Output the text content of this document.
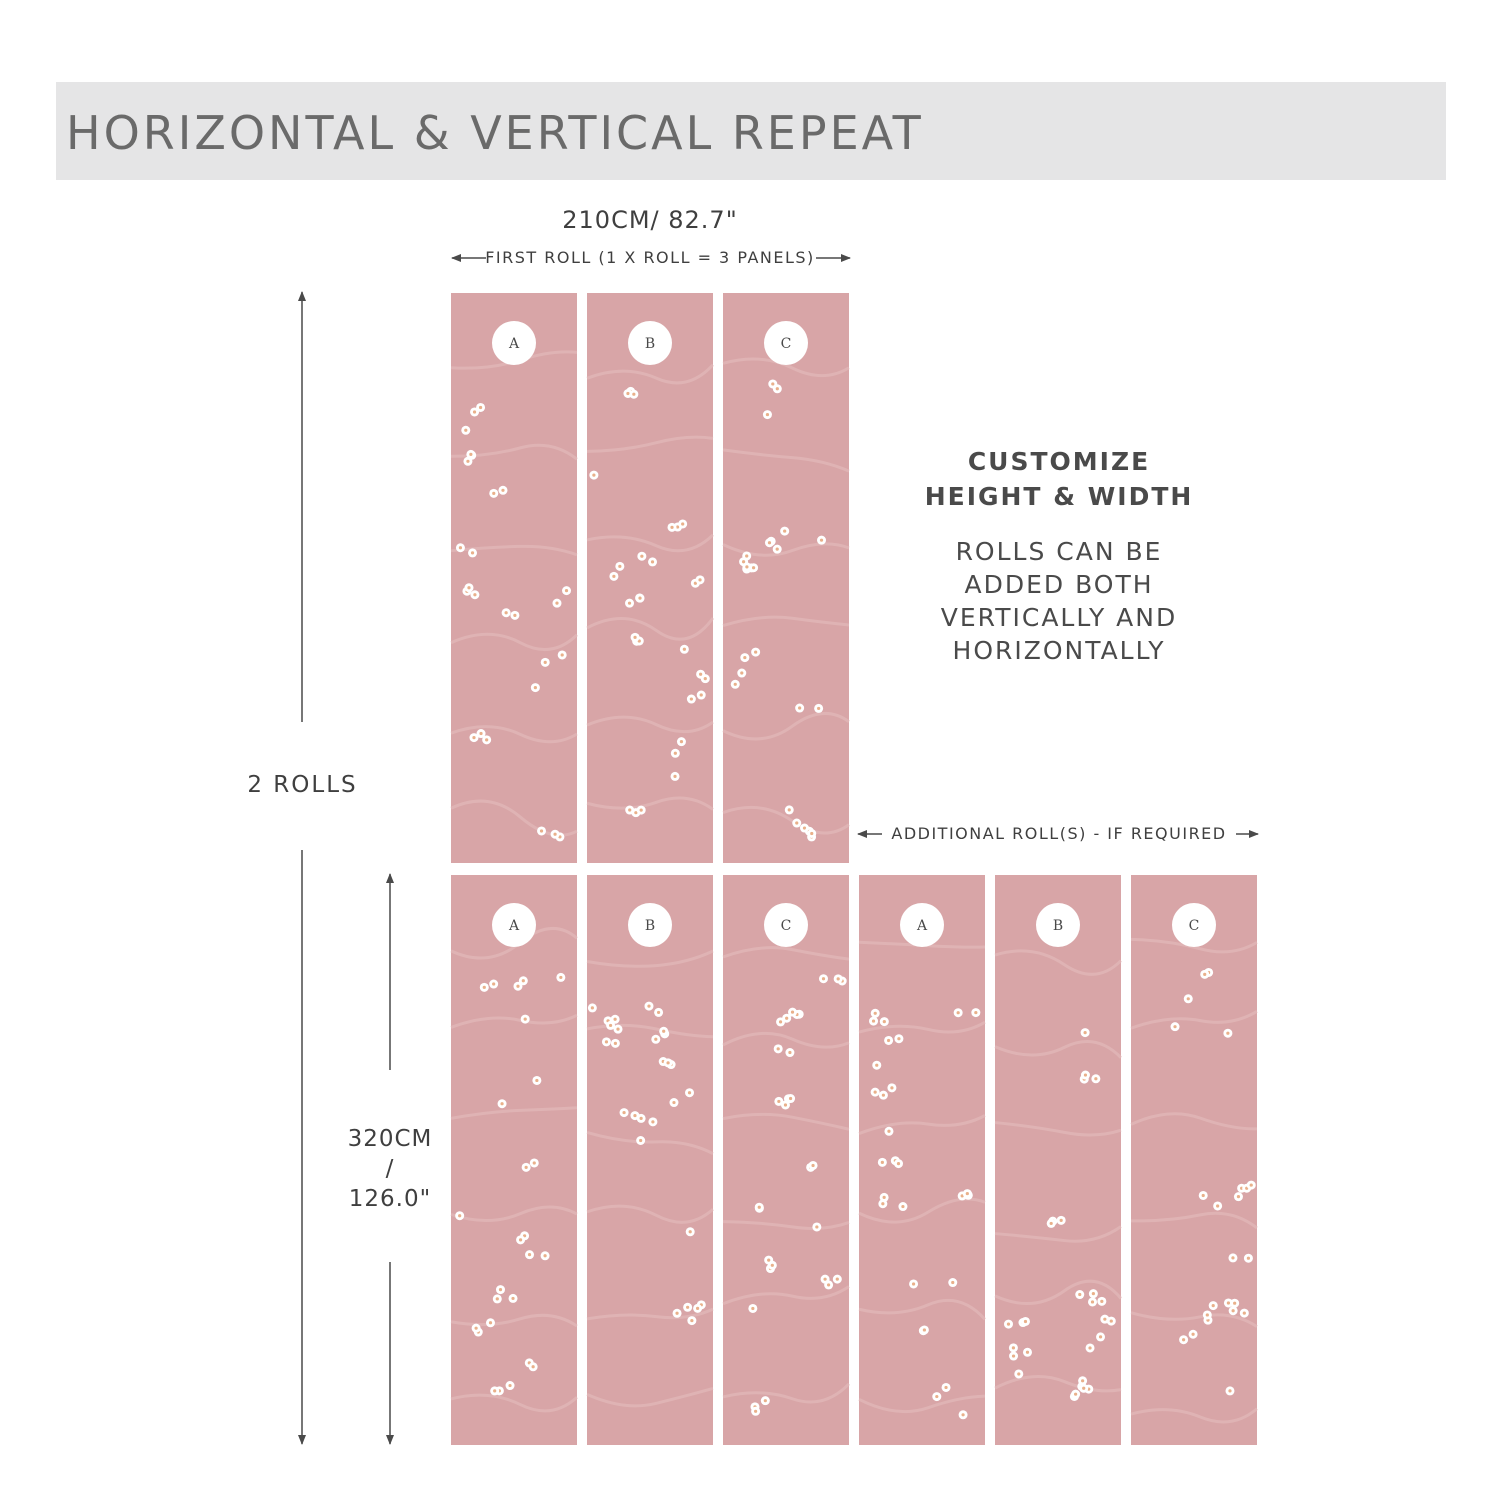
HORIZONTAL & VERTICAL REPEAT
210CM/ 82.7"
FIRST ROLL (1 X ROLL = 3 PANELS)
ADDITIONAL ROLL(S) - IF REQUIRED
2 ROLLS
320CM
/
126.0"
CUSTOMIZE
HEIGHT & WIDTH
ROLLS CAN BE
ADDED BOTH
VERTICALLY AND
HORIZONTALLY
A	B	C
A	B	C	A	B	C
